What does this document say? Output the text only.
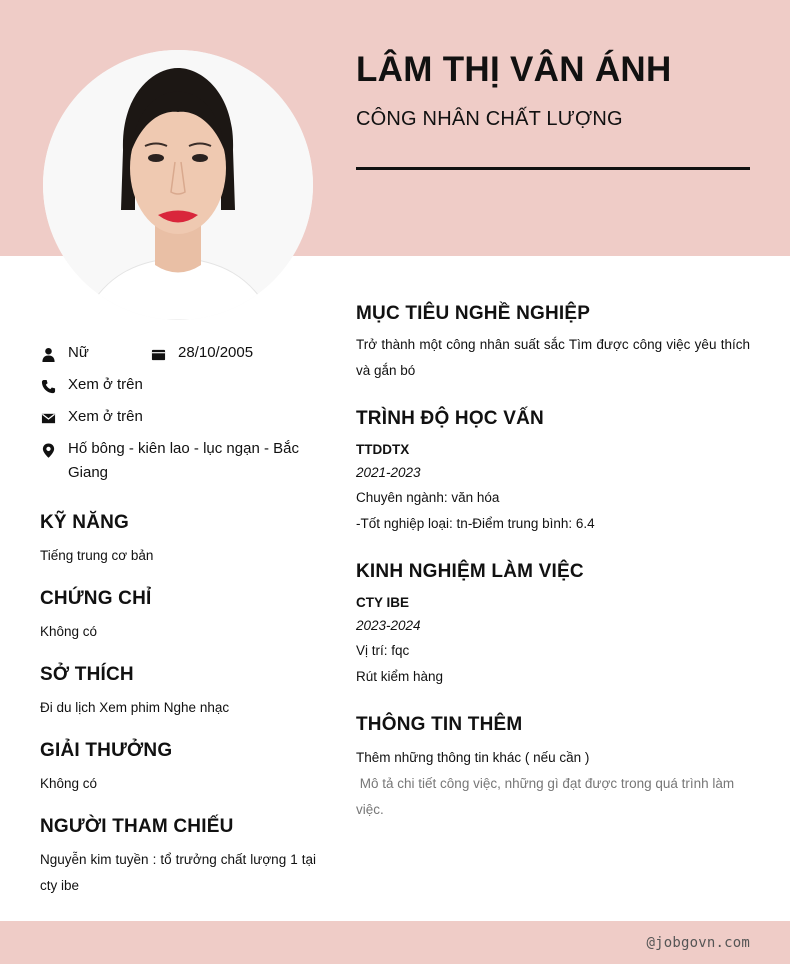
LÂM THỊ VÂN ÁNH
CÔNG NHÂN CHẤT LƯỢNG
Nữ	28/10/2005
Xem ở trên
Xem ở trên
Hố bông - kiên lao - lục ngạn - Bắc Giang
KỸ NĂNG
Tiếng trung cơ bản
CHỨNG CHỈ
Không có
SỞ THÍCH
Đi du lịch Xem phim Nghe nhạc
GIẢI THƯỞNG
Không có
NGƯỜI THAM CHIẾU
Nguyễn kim tuyền : tổ trưởng chất lượng 1 tại cty ibe
MỤC TIÊU NGHỀ NGHIỆP
Trở thành một công nhân suất sắc Tìm được công việc yêu thích và gắn bó
TRÌNH ĐỘ HỌC VẤN
TTDDTX
2021-2023
Chuyên ngành: văn hóa
-Tốt nghiệp loại: tn-Điểm trung bình: 6.4
KINH NGHIỆM LÀM VIỆC
CTY IBE
2023-2024
Vị trí: fqc
Rút kiểm hàng
THÔNG TIN THÊM
Thêm những thông tin khác ( nếu cần )
Mô tả chi tiết công việc, những gì đạt được trong quá trình làm việc.
@jobgovn.com
